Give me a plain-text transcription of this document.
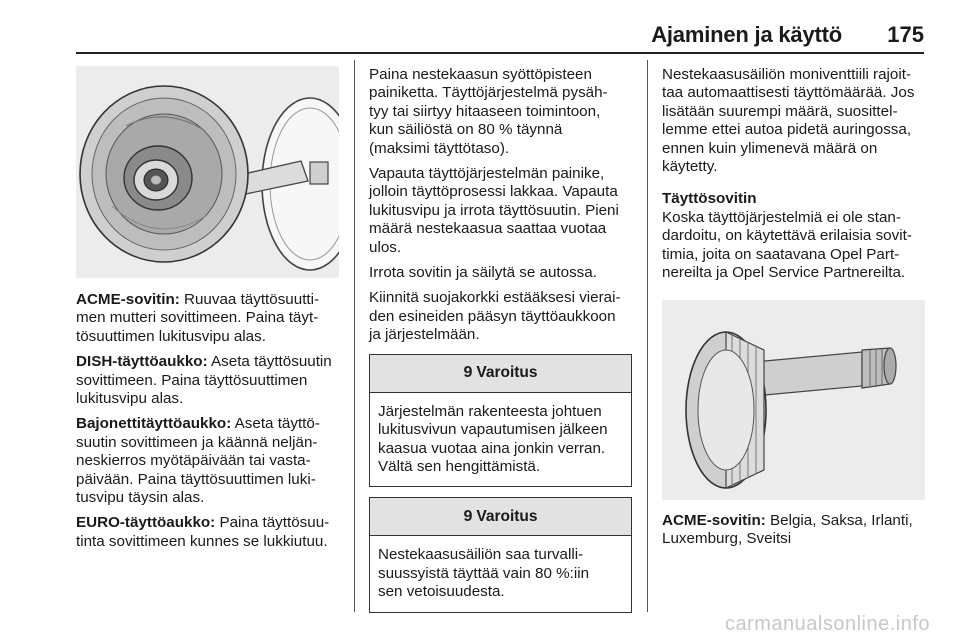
Ajaminen ja käyttö 175

ACME-sovitin: Ruuvaa täyttösuutti-
men mutteri sovittimeen. Paina täyt-
tösuuttimen lukitusvipu alas.

DISH-täyttöaukko: Aseta täyttösuutin
sovittimeen. Paina täyttösuuttimen
lukitusvipu alas.

Bajonettitäyttöaukko: Aseta täyttö-
suutin sovittimeen ja käännä neljän-
neskierros myötäpäivään tai vasta-
päivään. Paina täyttösuuttimen luki-
tusvipu täysin alas.

EURO-täyttöaukko: Paina täyttösuu-
tinta sovittimeen kunnes se lukkiutuu.

Paina nestekaasun syöttöpisteen
painiketta. Täyttöjärjestelmä pysäh-
tyy tai siirtyy hitaaseen toimintoon,
kun säiliöstä on 80 % täynnä
(maksimi täyttötaso).

Vapauta täyttöjärjestelmän painike,
jolloin täyttöprosessi lakkaa. Vapauta
lukitusvipu ja irrota täyttösuutin. Pieni
määrä nestekaasua saattaa vuotaa
ulos.

Irrota sovitin ja säilytä se autossa.

Kiinnitä suojakorkki estääksesi vierai-
den esineiden pääsyn täyttöaukkoon
ja järjestelmään.

9 Varoitus
Järjestelmän rakenteesta johtuen
lukitusvivun vapautumisen jälkeen
kaasua vuotaa aina jonkin verran.
Vältä sen hengittämistä.
9 Varoitus
Nestekaasusäiliön saa turvalli-
suussyistä täyttää vain 80 %:iin
sen vetoisuudesta.

Nestekaasusäiliön moniventtiili rajoit-
taa automaattisesti täyttömäärää. Jos
lisätään suurempi määrä, suosittel-
lemme ettei autoa pidetä auringossa,
ennen kuin ylimenevä määrä on
käytetty.

Täyttösovitin

Koska täyttöjärjestelmiä ei ole stan-
dardoitu, on käytettävä erilaisia sovit-
timia, joita on saatavana Opel Part-
nereilta ja Opel Service Partnereilta.

ACME-sovitin: Belgia, Saksa, Irlanti,
Luxemburg, Sveitsi

carmanualsonline.info
